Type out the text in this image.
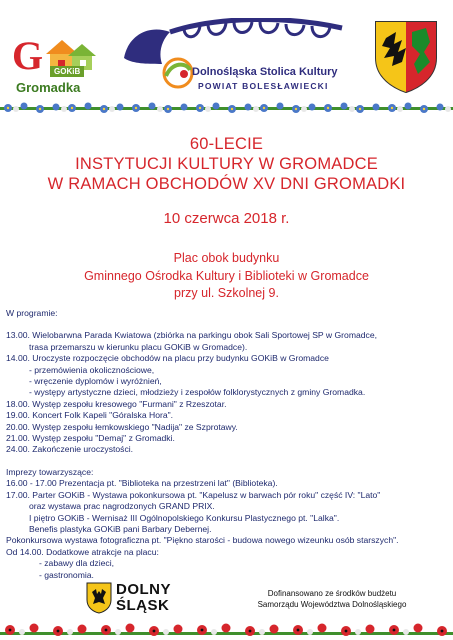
G	GOKiB
Gromadka
Dolnośląska Stolica Kultury
POWIAT BOLESŁAWIECKI
60-LECIE
INSTYTUCJI KULTURY W GROMADCE
W RAMACH OBCHODÓW XV DNI GROMADKI
10 czerwca 2018 r.
Plac obok budynku
Gminnego Ośrodka Kultury i Biblioteki w Gromadce
przy ul. Szkolnej 9.
W programie:
13.00. Wielobarwna Parada Kwiatowa (zbiórka na parkingu obok Sali Sportowej SP w Gromadce,
trasa przemarszu w kierunku placu GOKiB w Gromadce).
14.00. Uroczyste rozpoczęcie obchodów na placu przy budynku GOKiB w Gromadce
- przemówienia okolicznościowe,
- wręczenie dyplomów i wyróżnień,
- występy artystyczne dzieci, młodzieży i zespołów folklorystycznych z gminy Gromadka.
18.00. Występ zespołu kresowego "Furmani" z Rzeszotar.
19.00. Koncert Folk Kapeli "Góralska Hora".
20.00. Występ zespołu łemkowskiego "Nadija" ze Szprotawy.
21.00. Występ zespołu "Demaj" z Gromadki.
24.00. Zakończenie uroczystości.
Imprezy towarzyszące:
16.00 - 17.00 Prezentacja pt. "Biblioteka na przestrzeni lat" (Biblioteka).
17.00. Parter GOKiB - Wystawa pokonkursowa pt. "Kapelusz w barwach pór roku" część IV: "Lato"
oraz wystawa prac nagrodzonych GRAND PRIX.
I piętro GOKiB - Wernisaż III Ogólnopolskiego Konkursu Plastycznego pt. "Lalka".
Benefis plastyka GOKiB pani Barbary Debernej.
Pokonkursowa wystawa fotograficzna pt. "Piękno starości - budowa nowego wizeunku osób starszych".
Od 14.00. Dodatkowe atrakcje na placu:
- zabawy dla dzieci,
- gastronomia.
DOLNY
ŚLĄSK
Dofinansowano ze środków budżetu
Samorządu Województwa Dolnośląskiego
